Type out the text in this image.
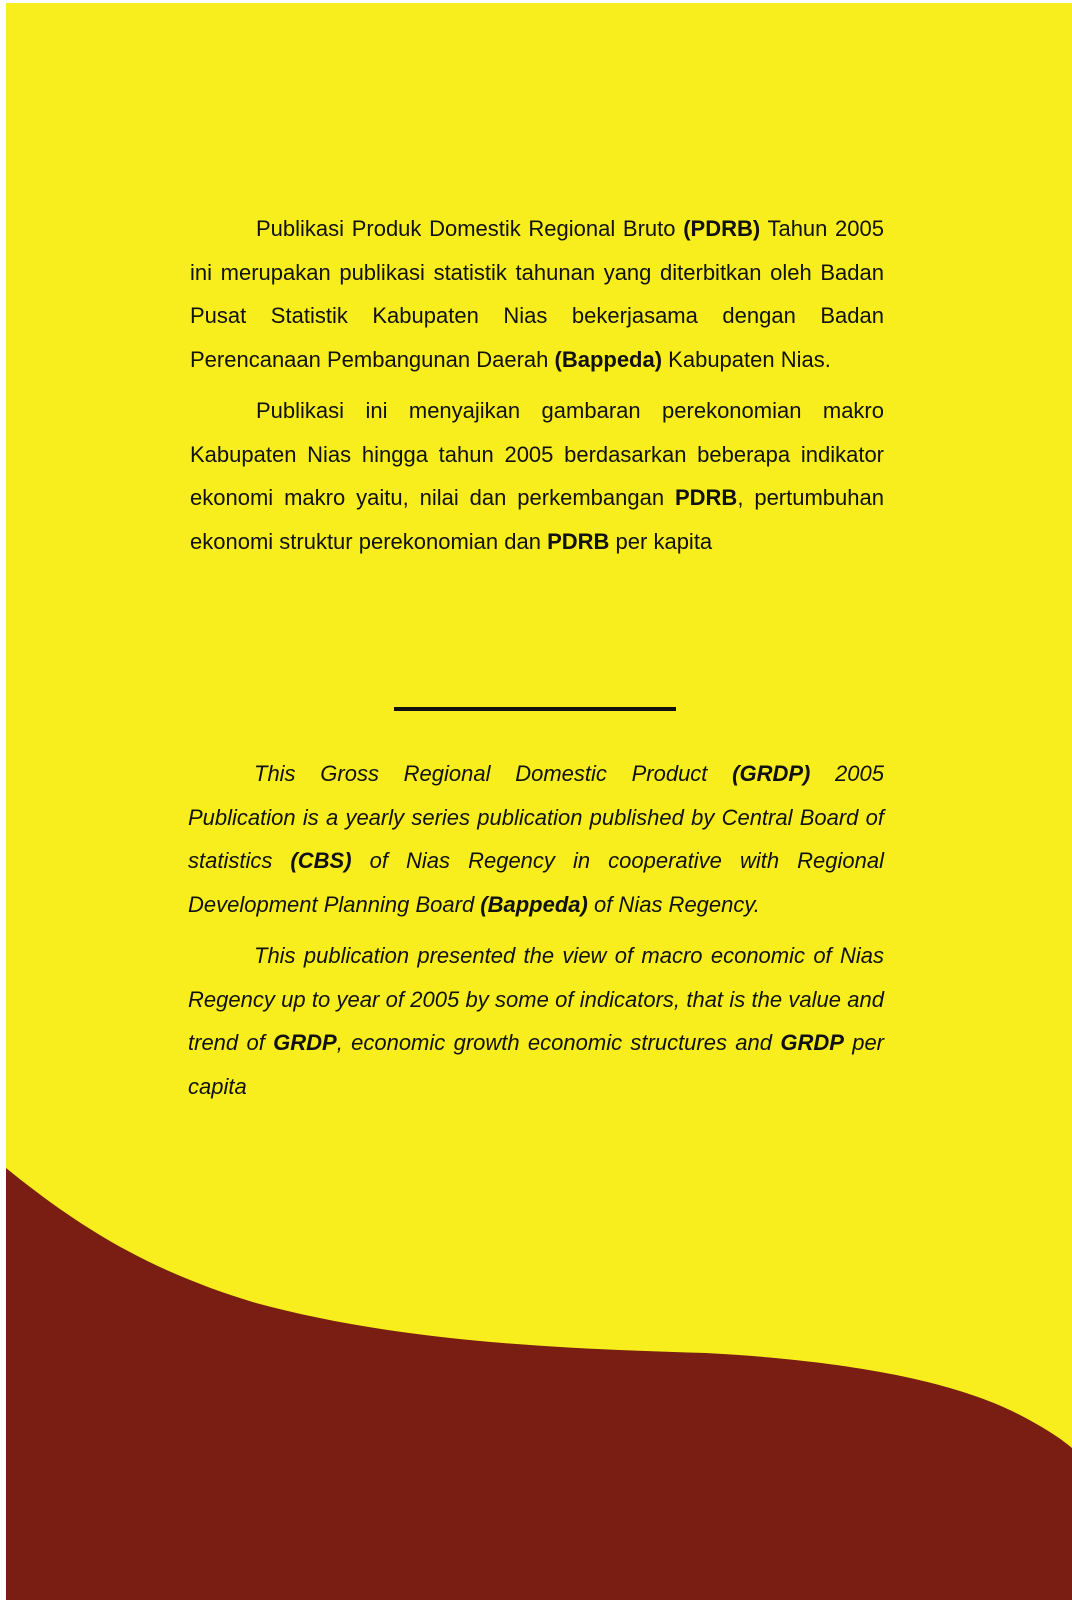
Publikasi Produk Domestik Regional Bruto (PDRB) Tahun 2005 ini merupakan publikasi statistik tahunan yang diterbitkan oleh Badan Pusat Statistik Kabupaten Nias bekerjasama dengan Badan Perencanaan Pembangunan Daerah (Bappeda) Kabupaten Nias.

Publikasi ini menyajikan gambaran perekonomian makro Kabupaten Nias hingga tahun 2005 berdasarkan beberapa indikator ekonomi makro yaitu, nilai dan perkembangan PDRB, pertumbuhan ekonomi struktur perekonomian dan PDRB per kapita

This Gross Regional Domestic Product (GRDP) 2005 Publication is a yearly series publication published by Central Board of statistics (CBS) of Nias Regency in cooperative with Regional Development Planning Board (Bappeda) of Nias Regency.

This publication presented the view of macro economic of Nias Regency up to year of 2005 by some of indicators, that is the value and trend of GRDP, economic growth economic structures and GRDP per capita
